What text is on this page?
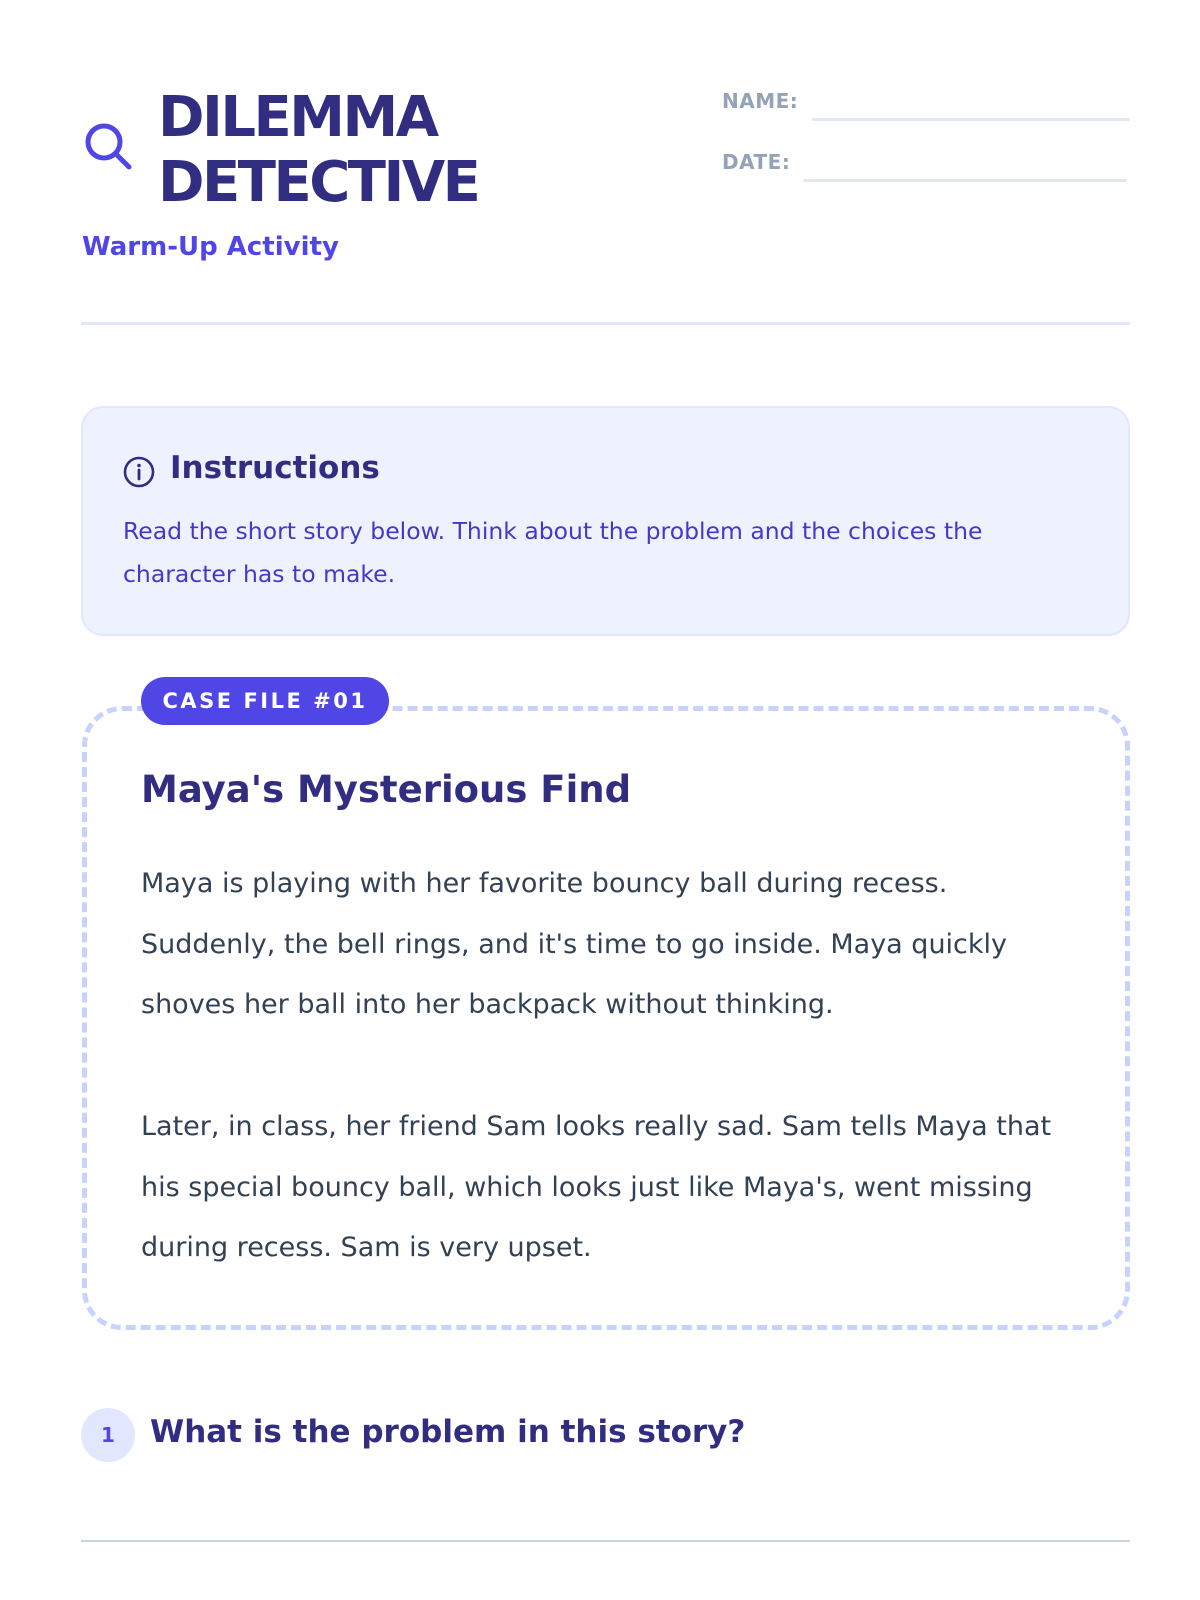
DILEMMA
DETECTIVE
Warm-Up Activity
NAME:
DATE:
Instructions
Read the short story below. Think about the problem and the choices the character has to make.
CASE FILE #01
Maya's Mysterious Find
Maya is playing with her favorite bouncy ball during recess. Suddenly, the bell rings, and it's time to go inside. Maya quickly shoves her ball into her backpack without thinking.
Later, in class, her friend Sam looks really sad. Sam tells Maya that his special bouncy ball, which looks just like Maya's, went missing during recess. Sam is very upset.
1	What is the problem in this story?
